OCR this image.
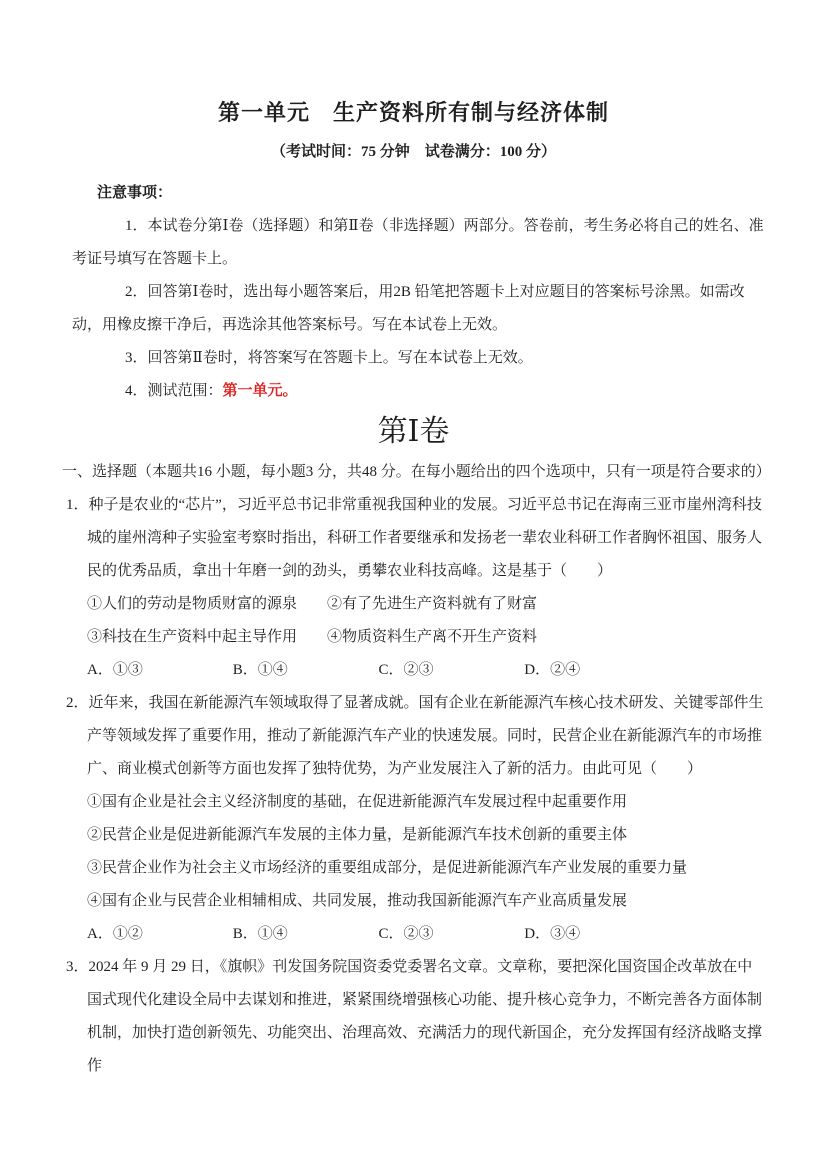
第一单元　生产资料所有制与经济体制

（考试时间：75 分钟　试卷满分：100 分）

注意事项：

1．本试卷分第Ⅰ卷（选择题）和第Ⅱ卷（非选择题）两部分。答卷前，考生务必将自己的姓名、准考证号填写在答题卡上。

2．回答第Ⅰ卷时，选出每小题答案后，用2B 铅笔把答题卡上对应题目的答案标号涂黑。如需改动，用橡皮擦干净后，再选涂其他答案标号。写在本试卷上无效。

3．回答第Ⅱ卷时，将答案写在答题卡上。写在本试卷上无效。

4．测试范围：第一单元。

第Ⅰ卷

一、选择题（本题共16 小题，每小题3 分，共48 分。在每小题给出的四个选项中，只有一项是符合要求的）

1．种子是农业的“芯片”，习近平总书记非常重视我国种业的发展。习近平总书记在海南三亚市崖州湾科技城的崖州湾种子实验室考察时指出，科研工作者要继承和发扬老一辈农业科研工作者胸怀祖国、服务人民的优秀品质，拿出十年磨一剑的劲头，勇攀农业科技高峰。这是基于（　　）

①人们的劳动是物质财富的源泉　　②有了先进生产资料就有了财富

③科技在生产资料中起主导作用　　④物质资料生产离不开生产资料

A．①③	B．①④	C．②③	D．②④

2．近年来，我国在新能源汽车领域取得了显著成就。国有企业在新能源汽车核心技术研发、关键零部件生产等领域发挥了重要作用，推动了新能源汽车产业的快速发展。同时，民营企业在新能源汽车的市场推广、商业模式创新等方面也发挥了独特优势，为产业发展注入了新的活力。由此可见（　　）

①国有企业是社会主义经济制度的基础，在促进新能源汽车发展过程中起重要作用

②民营企业是促进新能源汽车发展的主体力量，是新能源汽车技术创新的重要主体

③民营企业作为社会主义市场经济的重要组成部分，是促进新能源汽车产业发展的重要力量

④国有企业与民营企业相辅相成、共同发展，推动我国新能源汽车产业高质量发展

A．①②	B．①④	C．②③	D．③④

3．2024 年 9 月 29 日，《旗帜》刊发国务院国资委党委署名文章。文章称，要把深化国资国企改革放在中国式现代化建设全局中去谋划和推进，紧紧围绕增强核心功能、提升核心竞争力，不断完善各方面体制机制，加快打造创新领先、功能突出、治理高效、充满活力的现代新国企，充分发挥国有经济战略支撑作
